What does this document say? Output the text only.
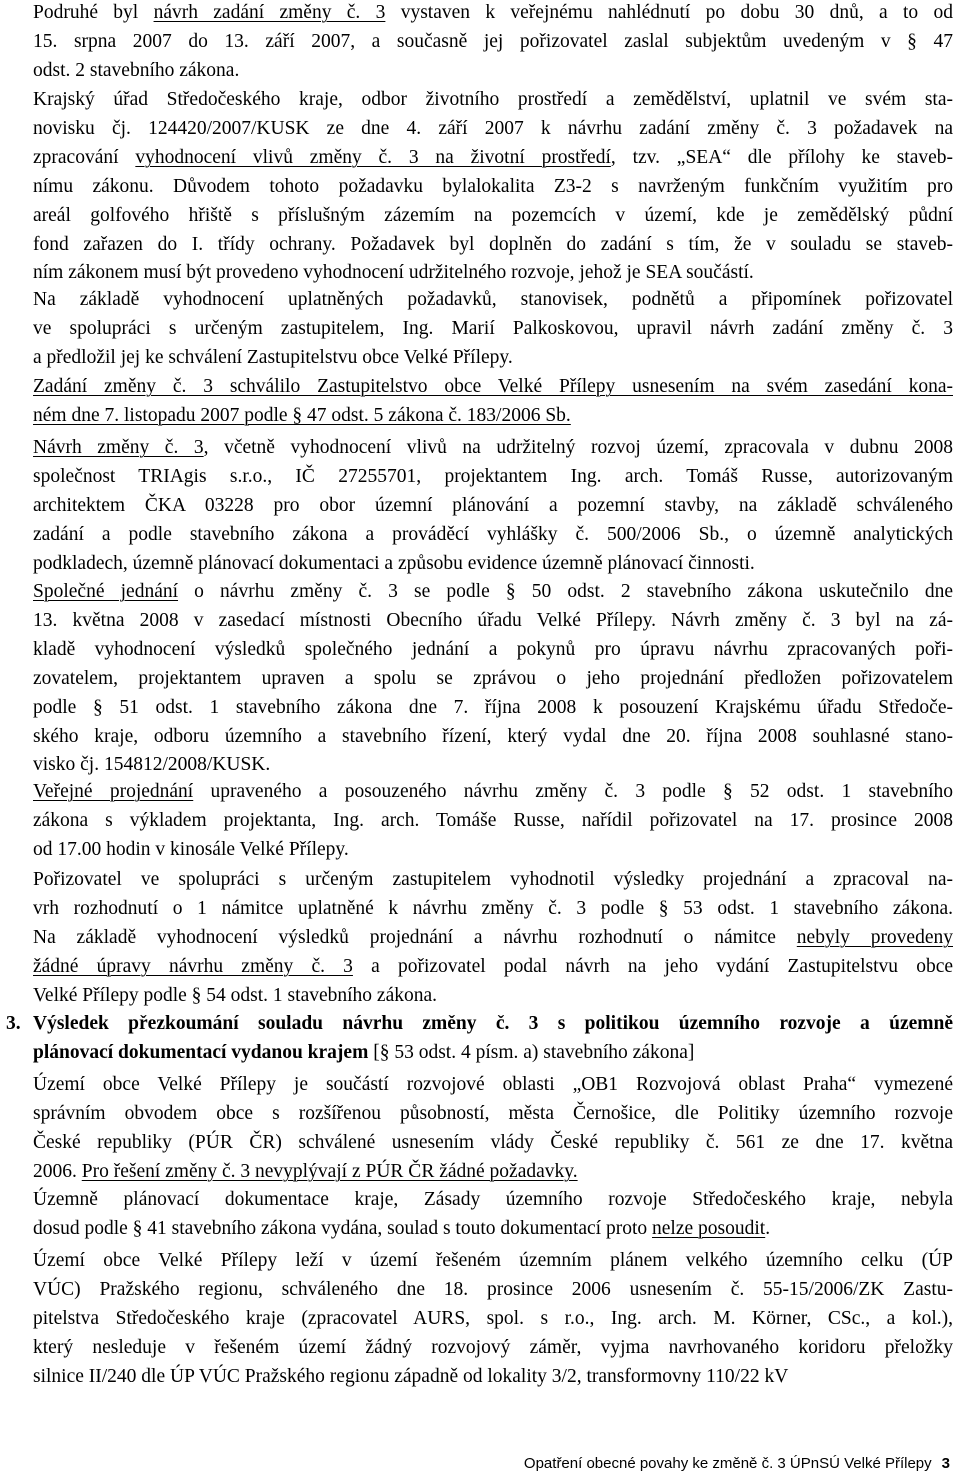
Podruhé byl návrh zadání změny č. 3 vystaven k veřejnému nahlédnutí po dobu 30 dnů, a to od
15. srpna 2007 do 13. září 2007, a současně jej pořizovatel zaslal subjektům uvedeným v § 47
odst. 2 stavebního zákona.
Krajský úřad Středočeského kraje, odbor životního prostředí a zemědělství, uplatnil ve svém sta-
novisku čj. 124420/2007/KUSK ze dne 4. září 2007 k návrhu zadání změny č. 3 požadavek na
zpracování vyhodnocení vlivů změny č. 3 na životní prostředí, tzv. „SEA“ dle přílohy ke staveb-
nímu zákonu. Důvodem tohoto požadavku bylalokalita Z3-2 s navrženým funkčním využitím pro
areál golfového hřiště s příslušným zázemím na pozemcích v území, kde je zemědělský půdní
fond zařazen do I. třídy ochrany. Požadavek byl doplněn do zadání s tím, že v souladu se staveb-
ním zákonem musí být provedeno vyhodnocení udržitelného rozvoje, jehož je SEA součástí.
Na základě vyhodnocení uplatněných požadavků, stanovisek, podnětů a připomínek pořizovatel
ve spolupráci s určeným zastupitelem, Ing. Marií Palkoskovou, upravil návrh zadání změny č. 3
a předložil jej ke schválení Zastupitelstvu obce Velké Přílepy.
Zadání změny č. 3 schválilo Zastupitelstvo obce Velké Přílepy usnesením na svém zasedání kona-
ném dne 7. listopadu 2007 podle § 47 odst. 5 zákona č. 183/2006 Sb.
Návrh změny č. 3, včetně vyhodnocení vlivů na udržitelný rozvoj území, zpracovala v dubnu 2008
společnost TRIAgis s.r.o., IČ 27255701, projektantem Ing. arch. Tomáš Russe, autorizovaným
architektem ČKA 03228 pro obor územní plánování a pozemní stavby, na základě schváleného
zadání a podle stavebního zákona a prováděcí vyhlášky č. 500/2006 Sb., o územně analytických
podkladech, územně plánovací dokumentaci a způsobu evidence územně plánovací činnosti.
Společné jednání o návrhu změny č. 3 se podle § 50 odst. 2 stavebního zákona uskutečnilo dne
13. května 2008 v zasedací místnosti Obecního úřadu Velké Přílepy. Návrh změny č. 3 byl na zá-
kladě vyhodnocení výsledků společného jednání a pokynů pro úpravu návrhu zpracovaných poři-
zovatelem, projektantem upraven a spolu se zprávou o jeho projednání předložen pořizovatelem
podle § 51 odst. 1 stavebního zákona dne 7. října 2008 k posouzení Krajskému úřadu Středoče-
ského kraje, odboru územního a stavebního řízení, který vydal dne 20. října 2008 souhlasné stano-
visko čj. 154812/2008/KUSK.
Veřejné projednání upraveného a posouzeného návrhu změny č. 3 podle § 52 odst. 1 stavebního
zákona s výkladem projektanta, Ing. arch. Tomáše Russe, nařídil pořizovatel na 17. prosince 2008
od 17.00 hodin v kinosále Velké Přílepy.
Pořizovatel ve spolupráci s určeným zastupitelem vyhodnotil výsledky projednání a zpracoval na-
vrh rozhodnutí o 1 námitce uplatněné k návrhu změny č. 3 podle § 53 odst. 1 stavebního zákona.
Na základě vyhodnocení výsledků projednání a návrhu rozhodnutí o námitce nebyly provedeny
žádné úpravy návrhu změny č. 3 a pořizovatel podal návrh na jeho vydání Zastupitelstvu obce
Velké Přílepy podle § 54 odst. 1 stavebního zákona.
3. Výsledek přezkoumání souladu návrhu změny č. 3 s politikou územního rozvoje a územně
plánovací dokumentací vydanou krajem [§ 53 odst. 4 písm. a) stavebního zákona]
Území obce Velké Přílepy je součástí rozvojové oblasti „OB1 Rozvojová oblast Praha“ vymezené
správním obvodem obce s rozšířenou působností, města Černošice, dle Politiky územního rozvoje
České republiky (PÚR ČR) schválené usnesením vlády České republiky č. 561 ze dne 17. května
2006. Pro řešení změny č. 3 nevyplývají z PÚR ČR žádné požadavky.
Územně plánovací dokumentace kraje, Zásady územního rozvoje Středočeského kraje, nebyla
dosud podle § 41 stavebního zákona vydána, soulad s touto dokumentací proto nelze posoudit.
Území obce Velké Přílepy leží v území řešeném územním plánem velkého územního celku (ÚP
VÚC) Pražského regionu, schváleného dne 18. prosince 2006 usnesením č. 55-15/2006/ZK Zastu-
pitelstva Středočeského kraje (zpracovatel AURS, spol. s r.o., Ing. arch. M. Körner, CSc., a kol.),
který nesleduje v řešeném území žádný rozvojový záměr, vyjma navrhovaného koridoru přeložky
silnice II/240 dle ÚP VÚC Pražského regionu západně od lokality 3/2, transformovny 110/22 kV
Opatření obecné povahy ke změně č. 3 ÚPnSÚ Velké Přílepy 3
